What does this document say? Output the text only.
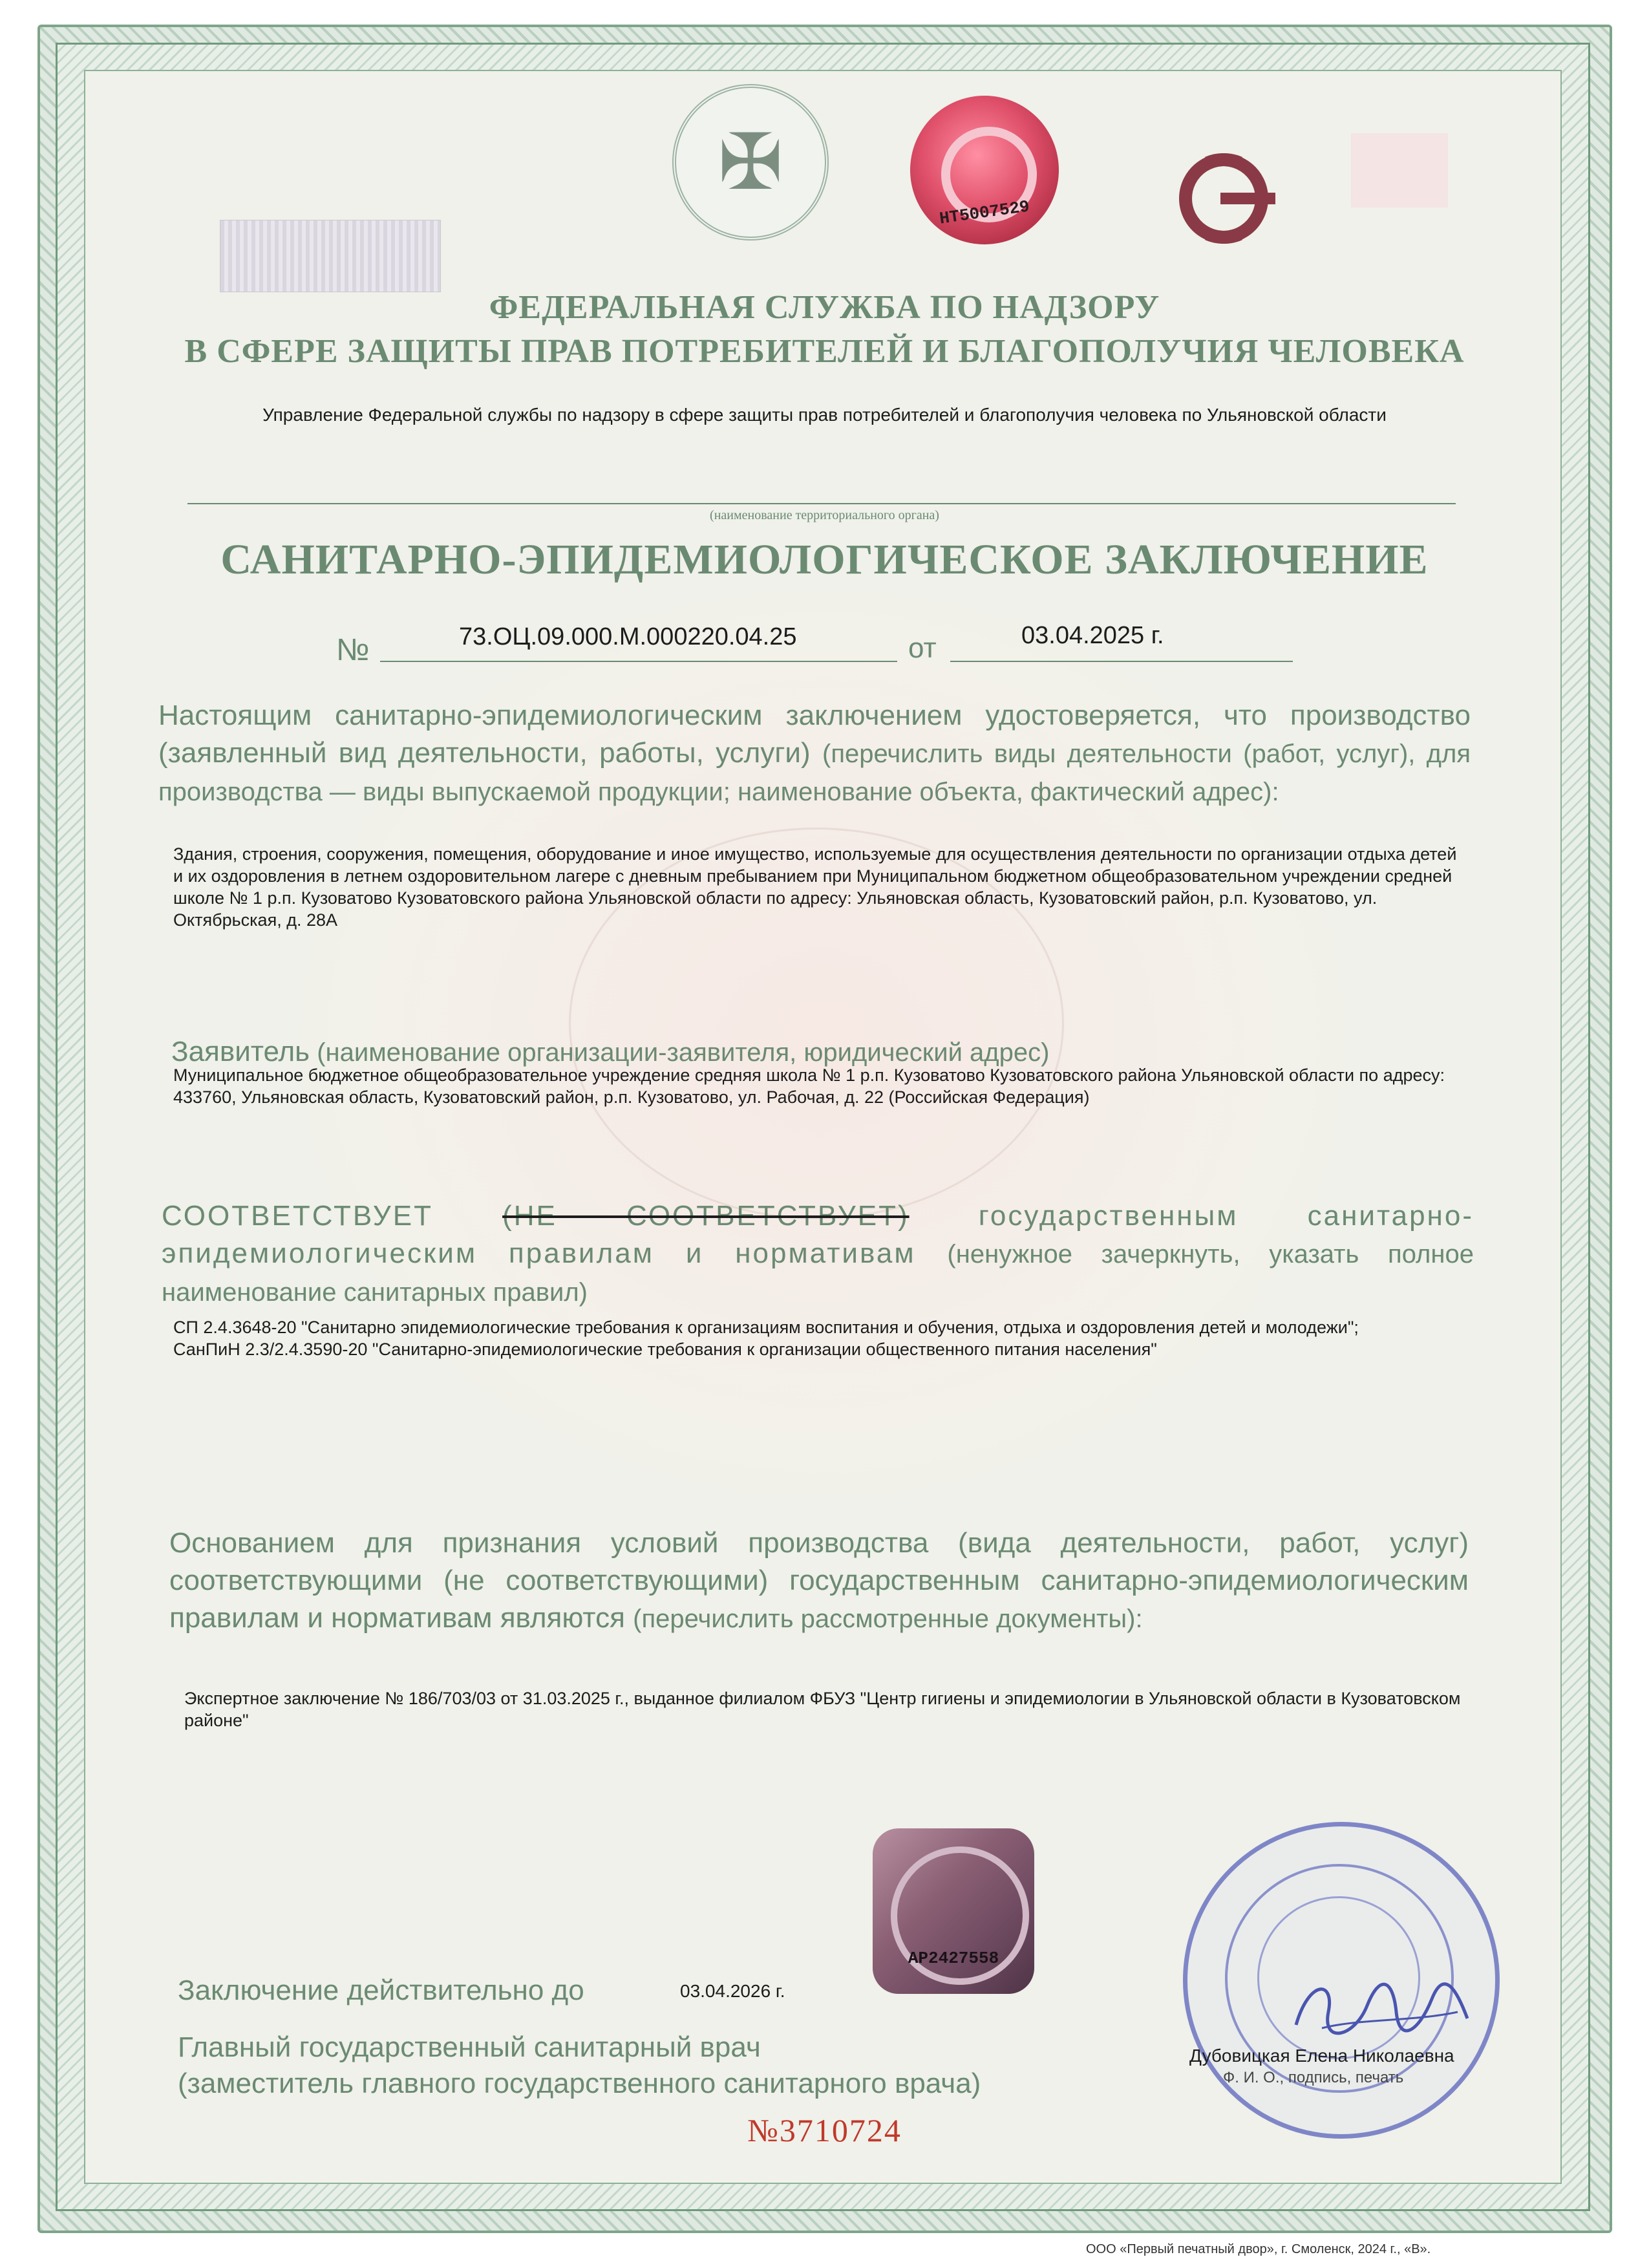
✠
НТ5007529
ФЕДЕРАЛЬНАЯ СЛУЖБА ПО НАДЗОРУ
В СФЕРЕ ЗАЩИТЫ ПРАВ ПОТРЕБИТЕЛЕЙ И БЛАГОПОЛУЧИЯ ЧЕЛОВЕКА
Управление Федеральной службы по надзору в сфере защиты прав потребителей и благополучия человека по Ульяновской области
(наименование территориального органа)
САНИТАРНО-ЭПИДЕМИОЛОГИЧЕСКОЕ ЗАКЛЮЧЕНИЕ
№	73.ОЦ.09.000.М.000220.04.25	от	03.04.2025 г.
Настоящим санитарно-эпидемиологическим заключением удостоверяется, что производство (заявленный вид деятельности, работы, услуги) (перечислить виды деятельности (работ, услуг), для производства — виды выпускаемой продукции; наименование объекта, фактический адрес):
Здания, строения, сооружения, помещения, оборудование и иное имущество, используемые для осуществления деятельности по организации отдыха детей и их оздоровления в летнем оздоровительном лагере с дневным пребыванием при Муниципальном бюджетном общеобразовательном учреждении средней школе № 1 р.п. Кузоватово Кузоватовского района Ульяновской области по адресу: Ульяновская область, Кузоватовский район, р.п. Кузоватово, ул. Октябрьская, д. 28А
Заявитель (наименование организации-заявителя, юридический адрес)
Муниципальное бюджетное общеобразовательное учреждение средняя школа № 1 р.п. Кузоватово Кузоватовского района Ульяновской области по адресу: 433760, Ульяновская область, Кузоватовский район, р.п. Кузоватово, ул. Рабочая, д. 22 (Российская Федерация)
СООТВЕТСТВУЕТ (НЕ СООТВЕТСТВУЕТ) государственным санитарно-эпидемиологическим правилам и нормативам (ненужное зачеркнуть, указать полное наименование санитарных правил)
СП 2.4.3648-20 "Санитарно эпидемиологические требования к организациям воспитания и обучения, отдыха и оздоровления детей и молодежи";
СанПиН 2.3/2.4.3590-20 "Санитарно-эпидемиологические требования к организации общественного питания населения"
Основанием для признания условий производства (вида деятельности, работ, услуг) соответствующими (не соответствующими) государственным санитарно-эпидемиологическим правилам и нормативам являются (перечислить рассмотренные документы):
Экспертное заключение № 186/703/03 от 31.03.2025 г., выданное филиалом ФБУЗ "Центр гигиены и эпидемиологии в Ульяновской области в Кузоватовском районе"
АР2427558
Заключение действительно до	03.04.2026 г.
Главный государственный санитарный врач
(заместитель главного государственного санитарного врача)
Дубовицкая Елена Николаевна
Ф. И. О., подпись, печать
№3710724
ООО «Первый печатный двор», г. Смоленск, 2024 г., «В».
